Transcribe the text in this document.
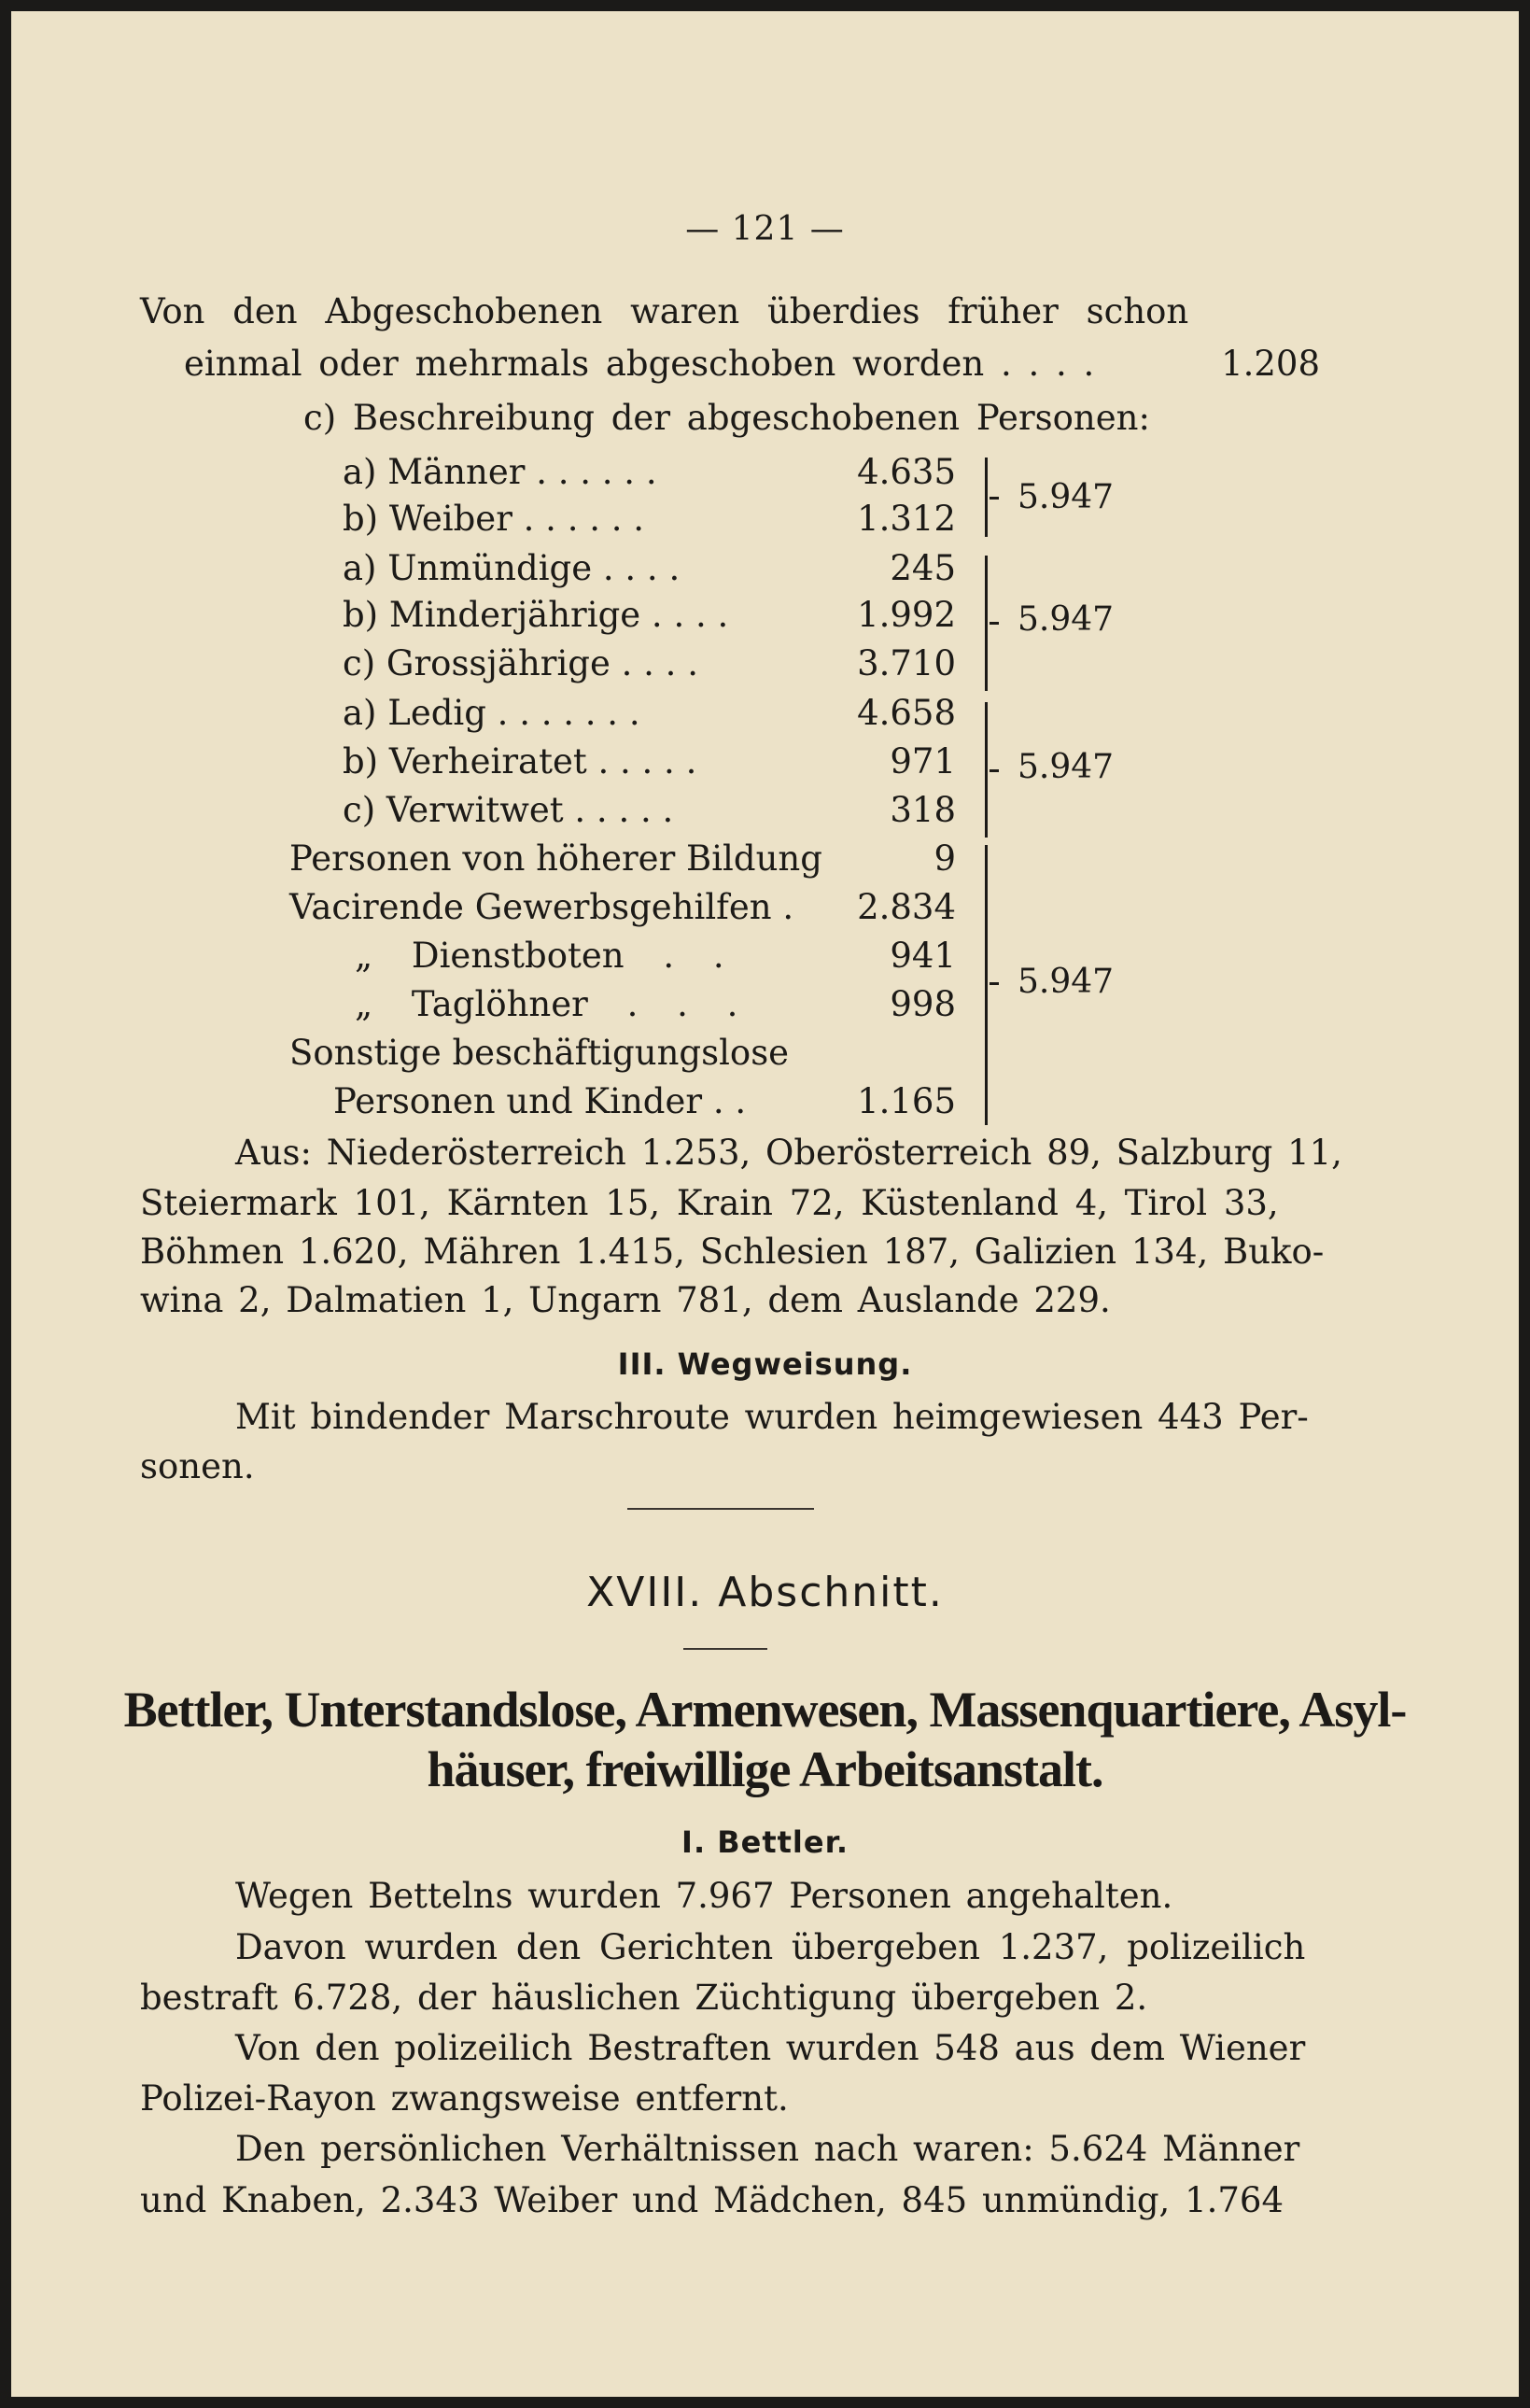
— 121 —
Von den Abgeschobenen waren überdies früher schon
einmal oder mehrmals abgeschoben worden . . . .	1.208
c) Beschreibung der abgeschobenen Personen:
a) Männer . . . . . .	4.635
b) Weiber . . . . . .	1.312
5.947
a) Unmündige . . . .	245
b) Minderjährige . . . .	1.992
c) Grossjährige . . . .	3.710
5.947
a) Ledig . . . . . . .	4.658
b) Verheiratet . . . . .	971
c) Verwitwet . . . . .	318
5.947
Personen von höherer Bildung	9
Vacirende Gewerbsgehilfen . 2.834
„ Dienstboten . .	941
„ Taglöhner . . .	998
Sonstige beschäftigungslose
Personen und Kinder . .	1.165
5.947
Aus: Niederösterreich 1.253, Oberösterreich 89, Salzburg 11,
Steiermark 101, Kärnten 15, Krain 72, Küstenland 4, Tirol 33,
Böhmen 1.620, Mähren 1.415, Schlesien 187, Galizien 134, Buko-
wina 2, Dalmatien 1, Ungarn 781, dem Auslande 229.
III. Wegweisung.
Mit bindender Marschroute wurden heimgewiesen 443 Per-
sonen.
XVIII. Abschnitt.
Bettler, Unterstandslose, Armenwesen, Massenquartiere, Asyl-
häuser, freiwillige Arbeitsanstalt.
I. Bettler.
Wegen Bettelns wurden 7.967 Personen angehalten.
Davon wurden den Gerichten übergeben 1.237, polizeilich
bestraft 6.728, der häuslichen Züchtigung übergeben 2.
Von den polizeilich Bestraften wurden 548 aus dem Wiener
Polizei-Rayon zwangsweise entfernt.
Den persönlichen Verhältnissen nach waren: 5.624 Männer
und Knaben, 2.343 Weiber und Mädchen, 845 unmündig, 1.764
